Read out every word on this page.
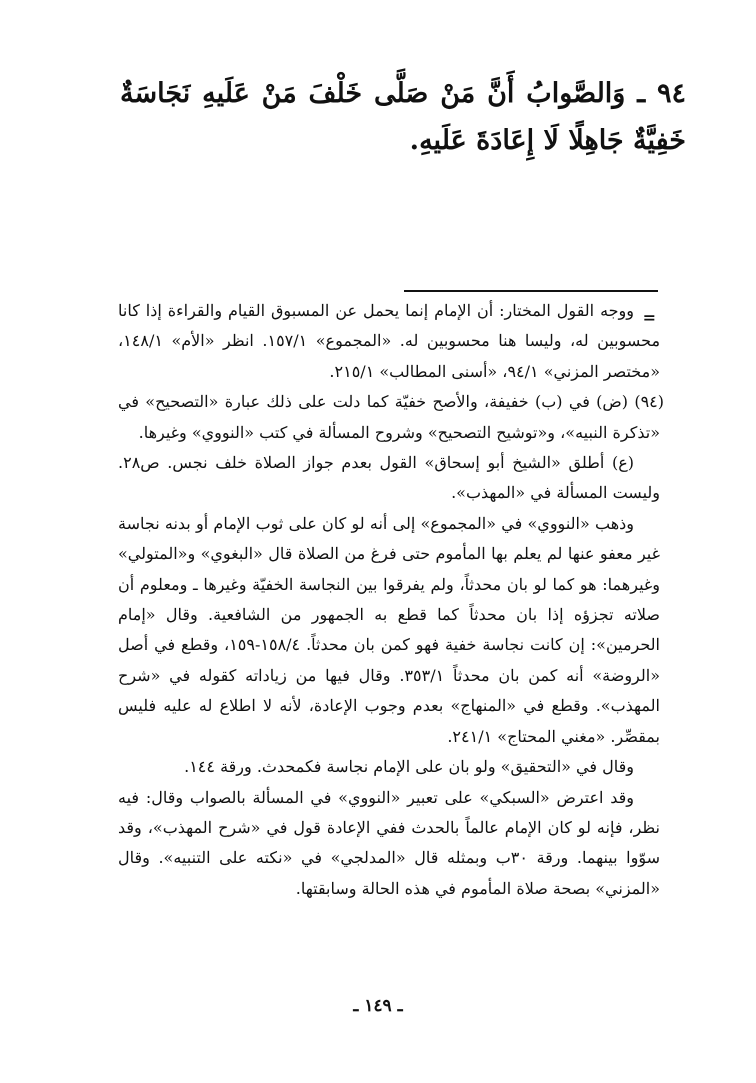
٩٤ ـ وَالصَّوابُ أَنَّ مَنْ صَلَّى خَلْفَ مَنْ عَلَيهِ نَجَاسَةٌ خَفِيَّةٌ جَاهِلًا لَا إِعَادَةَ عَلَيهِ.

=

ووجه القول المختار: أن الإمام إنما يحمل عن المسبوق القيام والقراءة إذا كانا محسوبين له، وليسا هنا محسوبين له. «المجموع» ١٥٧/١. انظر «الأم» ١٤٨/١، «مختصر المزني» ٩٤/١، «أسنى المطالب» ٢١٥/١.

(٩٤) (ض) في (ب) خفيفة، والأصح خفيّة كما دلت على ذلك عبارة «التصحيح» في «تذكرة النبيه»، و«توشيح التصحيح» وشروح المسألة في كتب «النووي» وغيرها.

(ع) أطلق «الشيخ أبو إسحاق» القول بعدم جواز الصلاة خلف نجس. ص٢٨. وليست المسألة في «المهذب».

وذهب «النووي» في «المجموع» إلى أنه لو كان على ثوب الإمام أو بدنه نجاسة غير معفو عنها لم يعلم بها المأموم حتى فرغ من الصلاة قال «البغوي» و«المتولي» وغيرهما: هو كما لو بان محدثاً، ولم يفرقوا بين النجاسة الخفيّة وغيرها ـ ومعلوم أن صلاته تجزؤه إذا بان محدثاً كما قطع به الجمهور من الشافعية. وقال «إمام الحرمين»: إن كانت نجاسة خفية فهو كمن بان محدثاً. ١٥٨/٤-١٥٩، وقطع في أصل «الروضة» أنه كمن بان محدثاً ٣٥٣/١. وقال فيها من زياداته كقوله في «شرح المهذب». وقطع في «المنهاج» بعدم وجوب الإعادة، لأنه لا اطلاع له عليه فليس بمقصِّر. «مغني المحتاج» ٢٤١/١.

وقال في «التحقيق» ولو بان على الإمام نجاسة فكمحدث. ورقة ١٤٤.

وقد اعترض «السبكي» على تعبير «النووي» في المسألة بالصواب وقال: فيه نظر، فإنه لو كان الإمام عالماً بالحدث ففي الإعادة قول في «شرح المهذب»، وقد سوّوا بينهما. ورقة ٣٠ب وبمثله قال «المدلجي» في «نكته على التنبيه». وقال «المزني» بصحة صلاة المأموم في هذه الحالة وسابقتها.

ـ ١٤٩ ـ
